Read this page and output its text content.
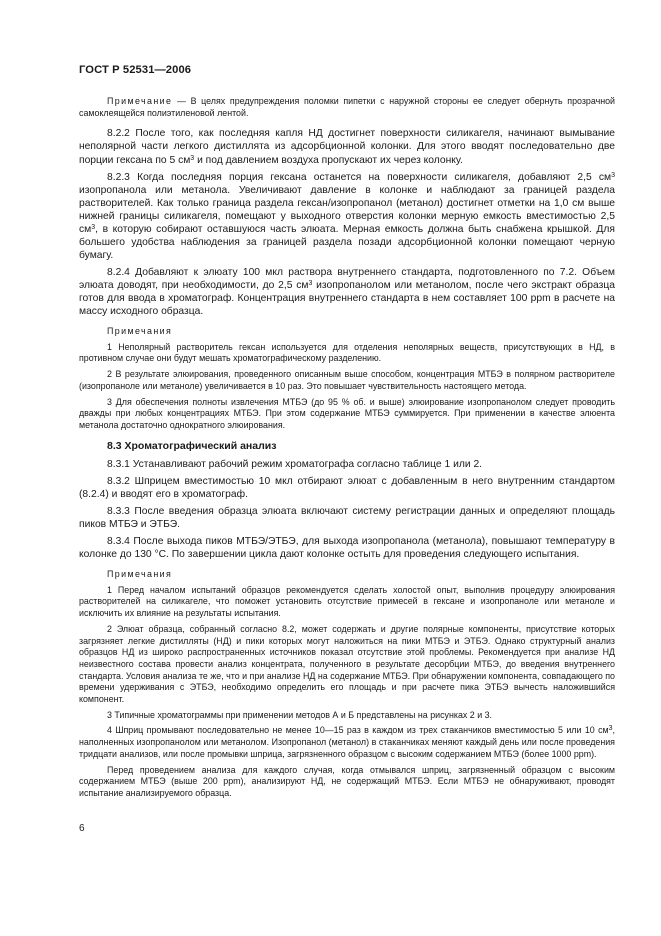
ГОСТ Р 52531—2006

Примечание — В целях предупреждения поломки пипетки с наружной стороны ее следует обернуть прозрачной самоклеящейся полиэтиленовой лентой.

8.2.2 После того, как последняя капля НД достигнет поверхности силикагеля, начинают вымывание неполярной части легкого дистиллята из адсорбционной колонки. Для этого вводят последовательно две порции гексана по 5 $см^3$ и под давлением воздуха пропускают их через колонку.

8.2.3 Когда последняя порция гексана останется на поверхности силикагеля, добавляют 2,5 $см^3$ изопропанола или метанола. Увеличивают давление в колонке и наблюдают за границей раздела растворителей. Как только граница раздела гексан/изопропанол (метанол) достигнет отметки на 1,0 см выше нижней границы силикагеля, помещают у выходного отверстия колонки мерную емкость вместимостью 2,5 $см^3$, в которую собирают оставшуюся часть элюата. Мерная емкость должна быть снабжена крышкой. Для большего удобства наблюдения за границей раздела позади адсорбционной колонки помещают черную бумагу.

8.2.4 Добавляют к элюату 100 мкл раствора внутреннего стандарта, подготовленного по 7.2. Объем элюата доводят, при необходимости, до 2,5 $см^3$ изопропанолом или метанолом, после чего экстракт образца готов для ввода в хроматограф. Концентрация внутреннего стандарта в нем составляет 100 ppm в расчете на массу исходного образца.

Примечания

1 Неполярный растворитель гексан используется для отделения неполярных веществ, присутствующих в НД, в противном случае они будут мешать хроматографическому разделению.

2 В результате элюирования, проведенного описанным выше способом, концентрация МТБЭ в полярном растворителе (изопропаноле или метаноле) увеличивается в 10 раз. Это повышает чувствительность настоящего метода.

3 Для обеспечения полноты извлечения МТБЭ (до 95 % об. и выше) элюирование изопропанолом следует проводить дважды при любых концентрациях МТБЭ. При этом содержание МТБЭ суммируется. При применении в качестве элюента метанола достаточно однократного элюирования.

8.3 Хроматографический анализ

8.3.1 Устанавливают рабочий режим хроматографа согласно таблице 1 или 2.

8.3.2 Шприцем вместимостью 10 мкл отбирают элюат с добавленным в него внутренним стандартом (8.2.4) и вводят его в хроматограф.

8.3.3 После введения образца элюата включают систему регистрации данных и определяют площадь пиков МТБЭ и ЭТБЭ.

8.3.4 После выхода пиков МТБЭ/ЭТБЭ, для выхода изопропанола (метанола), повышают температуру в колонке до 130 °С. По завершении цикла дают колонке остыть для проведения следующего испытания.

Примечания

1 Перед началом испытаний образцов рекомендуется сделать холостой опыт, выполнив процедуру элюирования растворителей на силикагеле, что поможет установить отсутствие примесей в гексане и изопропаноле или метаноле и исключить их влияние на результаты испытания.

2 Элюат образца, собранный согласно 8.2, может содержать и другие полярные компоненты, присутствие которых загрязняет легкие дистилляты (НД) и пики которых могут наложиться на пики МТБЭ и ЭТБЭ. Однако структурный анализ образцов НД из широко распространенных источников показал отсутствие этой проблемы. Рекомендуется при анализе НД неизвестного состава провести анализ концентрата, полученного в результате десорбции МТБЭ, до введения внутреннего стандарта. Условия анализа те же, что и при анализе НД на содержание МТБЭ. При обнаружении компонента, совпадающего по времени удерживания с ЭТБЭ, необходимо определить его площадь и при расчете пика ЭТБЭ вычесть наложившийся компонент.

3 Типичные хроматограммы при применении методов А и Б представлены на рисунках 2 и 3.

4 Шприц промывают последовательно не менее 10—15 раз в каждом из трех стаканчиков вместимостью 5 или 10 $см^3$, наполненных изопропанолом или метанолом. Изопропанол (метанол) в стаканчиках меняют каждый день или после проведения тридцати анализов, или после промывки шприца, загрязненного образцом с высоким содержанием МТБЭ (более 1000 ppm).

Перед проведением анализа для каждого случая, когда отмывался шприц, загрязненный образцом с высоким содержанием МТБЭ (выше 200 ppm), анализируют НД, не содержащий МТБЭ. Если МТБЭ не обнаруживают, проводят испытание анализируемого образца.

6
